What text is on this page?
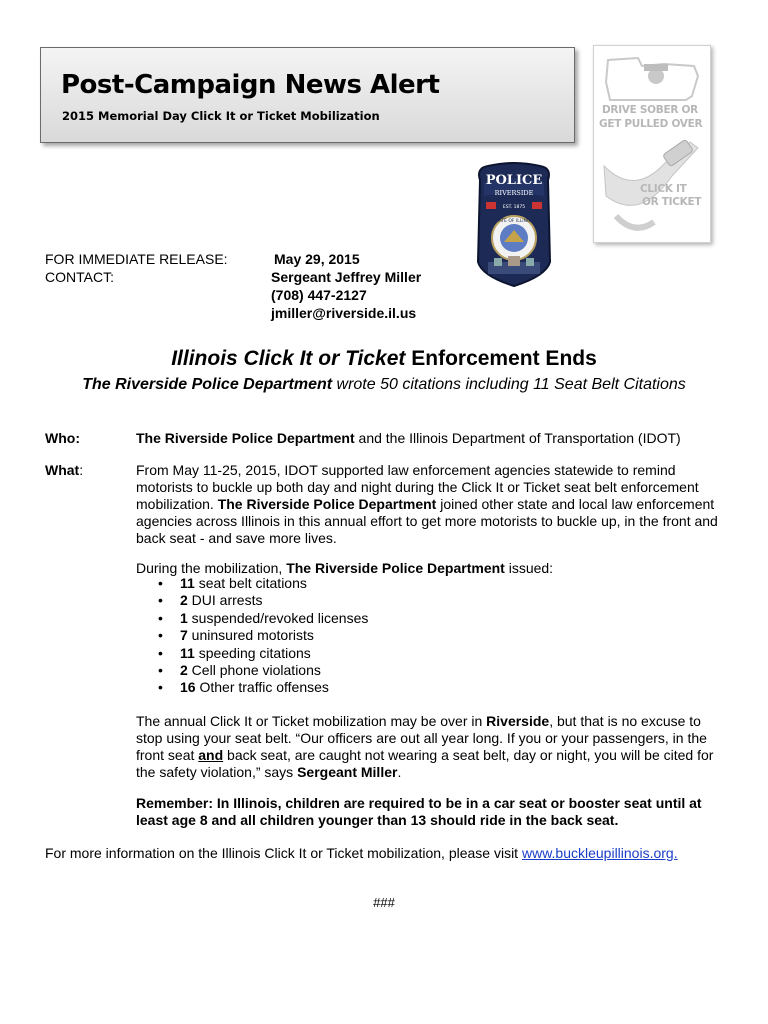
Post-Campaign News Alert
2015 Memorial Day Click It or Ticket Mobilization	DRIVE SOBER OR
GET PULLED OVER
CLICK IT
OR TICKET
POLICE
RIVERSIDE
EST. 1875
STATE OF ILLINOIS
FOR IMMEDIATE RELEASE:	May 29, 2015
CONTACT:	Sergeant Jeffrey Miller
(708) 447-2127
jmiller@riverside.il.us
Illinois Click It or Ticket Enforcement Ends
The Riverside Police Department wrote 50 citations including 11 Seat Belt Citations
Who:	The Riverside Police Department and the Illinois Department of Transportation (IDOT)
What:	From May 11-25, 2015, IDOT supported law enforcement agencies statewide to remind
motorists to buckle up both day and night during the Click It or Ticket seat belt enforcement
mobilization. The Riverside Police Department joined other state and local law enforcement
agencies across Illinois in this annual effort to get more motorists to buckle up, in the front and
back seat - and save more lives.
During the mobilization, The Riverside Police Department issued:
• 11 seat belt citations
• 2 DUI arrests
• 1 suspended/revoked licenses
• 7 uninsured motorists
• 11 speeding citations
• 2 Cell phone violations
• 16 Other traffic offenses
The annual Click It or Ticket mobilization may be over in Riverside, but that is no excuse to
stop using your seat belt. “Our officers are out all year long. If you or your passengers, in the
front seat and back seat, are caught not wearing a seat belt, day or night, you will be cited for
the safety violation,” says Sergeant Miller.
Remember: In Illinois, children are required to be in a car seat or booster seat until at
least age 8 and all children younger than 13 should ride in the back seat.
For more information on the Illinois Click It or Ticket mobilization, please visit www.buckleupillinois.org.
###
